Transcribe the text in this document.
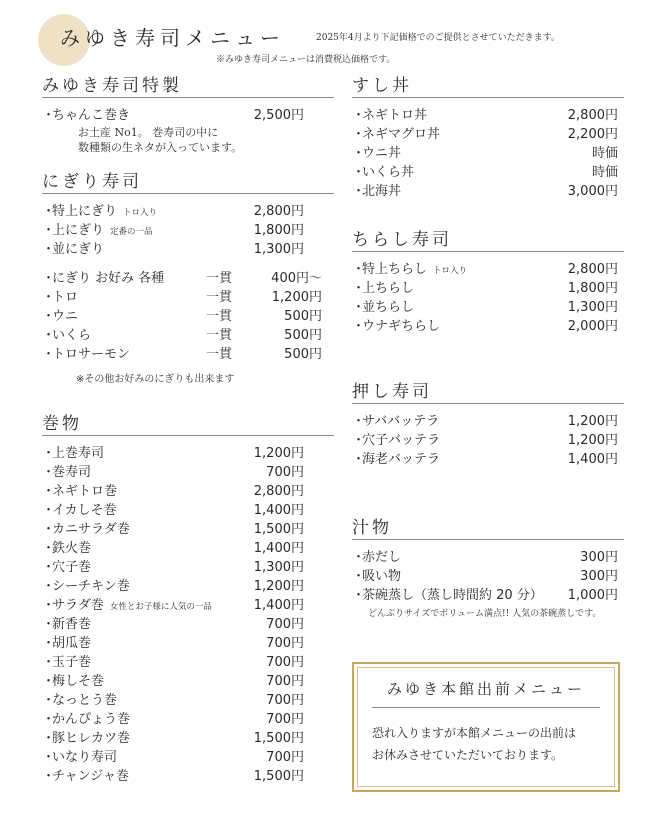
みゆき寿司メニュー	2025年4月より下記価格でのご提供とさせていただきます。
※みゆき寿司メニューは消費税込価格です。
みゆき寿司特製
・ちゃんこ巻き	2,500円
お土産 No1。 巻寿司の中に
数種類の生ネタが入っています。
にぎり寿司
・特上にぎり トロ入り	2,800円
・上にぎり 定番の一品	1,800円
・並にぎり	1,300円
・にぎり お好み 各種	一貫	400円〜
・トロ	一貫	1,200円
・ウニ	一貫	500円
・いくら	一貫	500円
・トロサーモン	一貫	500円
※その他お好みのにぎりも出来ます
巻物
・上巻寿司	1,200円
・巻寿司	700円
・ネギトロ巻	2,800円
・イカしそ巻	1,400円
・カニサラダ巻	1,500円
・鉄火巻	1,400円
・穴子巻	1,300円
・シーチキン巻	1,200円
・サラダ巻 女性とお子様に人気の一品	1,400円
・新香巻	700円
・胡瓜巻	700円
・玉子巻	700円
・梅しそ巻	700円
・なっとう巻	700円
・かんぴょう巻	700円
・豚ヒレカツ巻	1,500円
・いなり寿司	700円
・チャンジャ巻	1,500円
すし丼
・ネギトロ丼	2,800円
・ネギマグロ丼	2,200円
・ウニ丼	時価
・いくら丼	時価
・北海丼	3,000円
ちらし寿司
・特上ちらし トロ入り	2,800円
・上ちらし	1,800円
・並ちらし	1,300円
・ウナギちらし	2,000円
押し寿司
・サババッテラ	1,200円
・穴子バッテラ	1,200円
・海老バッテラ	1,400円
汁物
・赤だし	300円
・吸い物	300円
・茶碗蒸し（蒸し時間約 20 分） 1,000円
どんぶりサイズでボリューム満点!! 人気の茶碗蒸しです。
みゆき本館出前メニュー
恐れ入りますが本館メニューの出前は
お休みさせていただいております。
